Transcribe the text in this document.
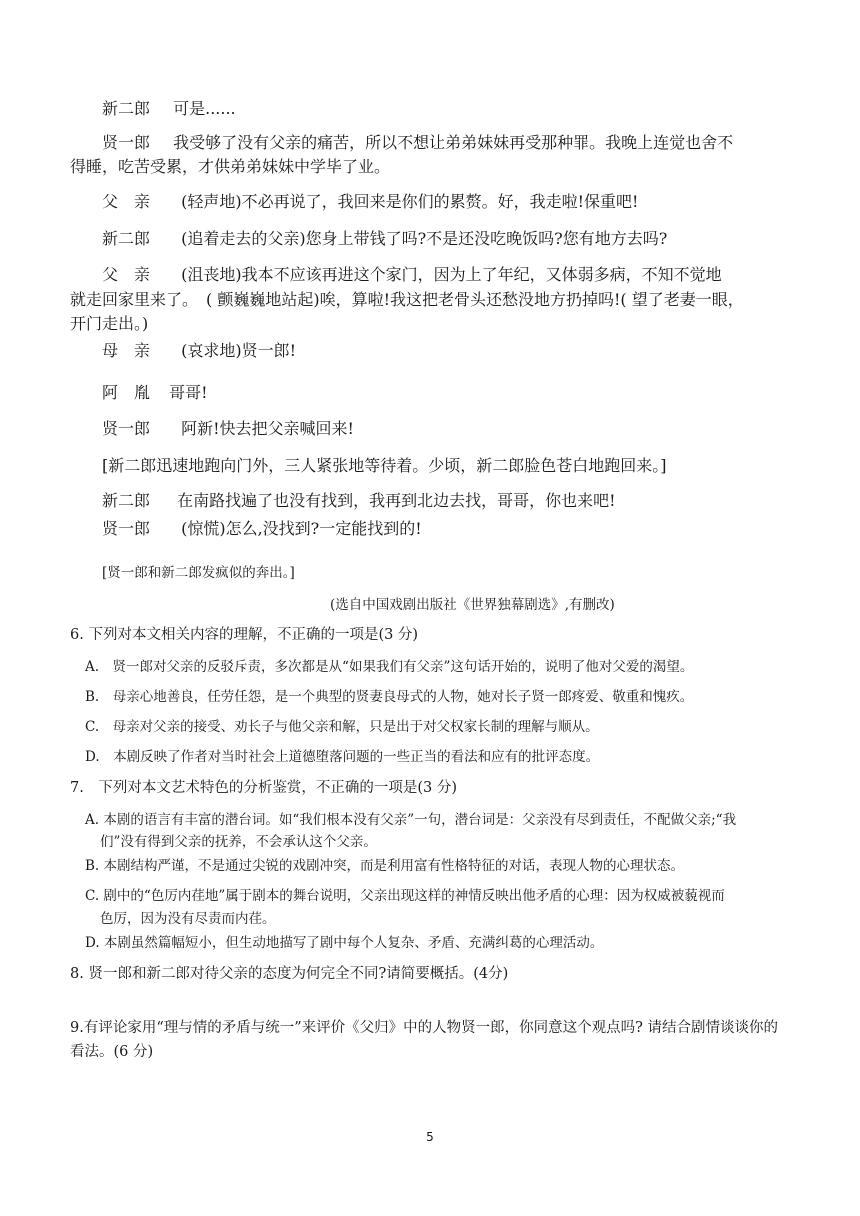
新二郎 可是......
贤一郎 我受够了没有父亲的痛苦，所以不想让弟弟妹妹再受那种罪。我晚上连觉也舍不
得睡，吃苦受累，才供弟弟妹妹中学毕了业。
父　亲 (轻声地)不必再说了，我回来是你们的累赘。好，我走啦!保重吧!
新二郎 (追着走去的父亲)您身上带钱了吗?不是还没吃晚饭吗?您有地方去吗?
父　亲 (沮丧地)我本不应该再进这个家门，因为上了年纪，又体弱多病，不知不觉地
就走回家里来了。　( 颤巍巍地站起)唉，算啦!我这把老骨头还愁没地方扔掉吗!( 望了老妻一眼，
开门走出。)
母　亲 (哀求地)贤一郎!
阿　胤 哥哥!
贤一郎 阿新!快去把父亲喊回来!
[新二郎迅速地跑向门外，三人紧张地等待着。少顷，新二郎脸色苍白地跑回来。]
新二郎 在南路找遍了也没有找到，我再到北边去找，哥哥，你也来吧!
贤一郎 (惊慌)怎么,没找到?一定能找到的!
[贤一郎和新二郎发疯似的奔出。]
(选自中国戏剧出版社《世界独幕剧选》,有删改)
6. 下列对本文相关内容的理解，不正确的一项是(3 分)
A.　贤一郎对父亲的反驳斥责，多次都是从“如果我们有父亲”这句话开始的，说明了他对父爱的渴望。
B.　母亲心地善良，任劳任怨，是一个典型的贤妻良母式的人物，她对长子贤一郎疼爱、敬重和愧疚。
C.　母亲对父亲的接受、劝长子与他父亲和解，只是出于对父权家长制的理解与顺从。
D.　本剧反映了作者对当时社会上道德堕落问题的一些正当的看法和应有的批评态度。
7.　下列对本文艺术特色的分析鉴赏，不正确的一项是(3 分)
A. 本剧的语言有丰富的潜台词。如“我们根本没有父亲”一句，潜台词是：父亲没有尽到责任，不配做父亲;“我
们”没有得到父亲的抚养，不会承认这个父亲。
B. 本剧结构严谨，不是通过尖锐的戏剧冲突，而是利用富有性格特征的对话，表现人物的心理状态。
C. 剧中的“色厉内荏地”属于剧本的舞台说明，父亲出现这样的神情反映出他矛盾的心理：因为权威被藐视而
色厉，因为没有尽责而内荏。
D. 本剧虽然篇幅短小，但生动地描写了剧中每个人复杂、矛盾、充满纠葛的心理活动。
8. 贤一郎和新二郎对待父亲的态度为何完全不同?请简要概括。(4分)
9.有评论家用“理与情的矛盾与统一”来评价《父归》中的人物贤一郎，你同意这个观点吗? 请结合剧情谈谈你的
看法。(6 分)
5
